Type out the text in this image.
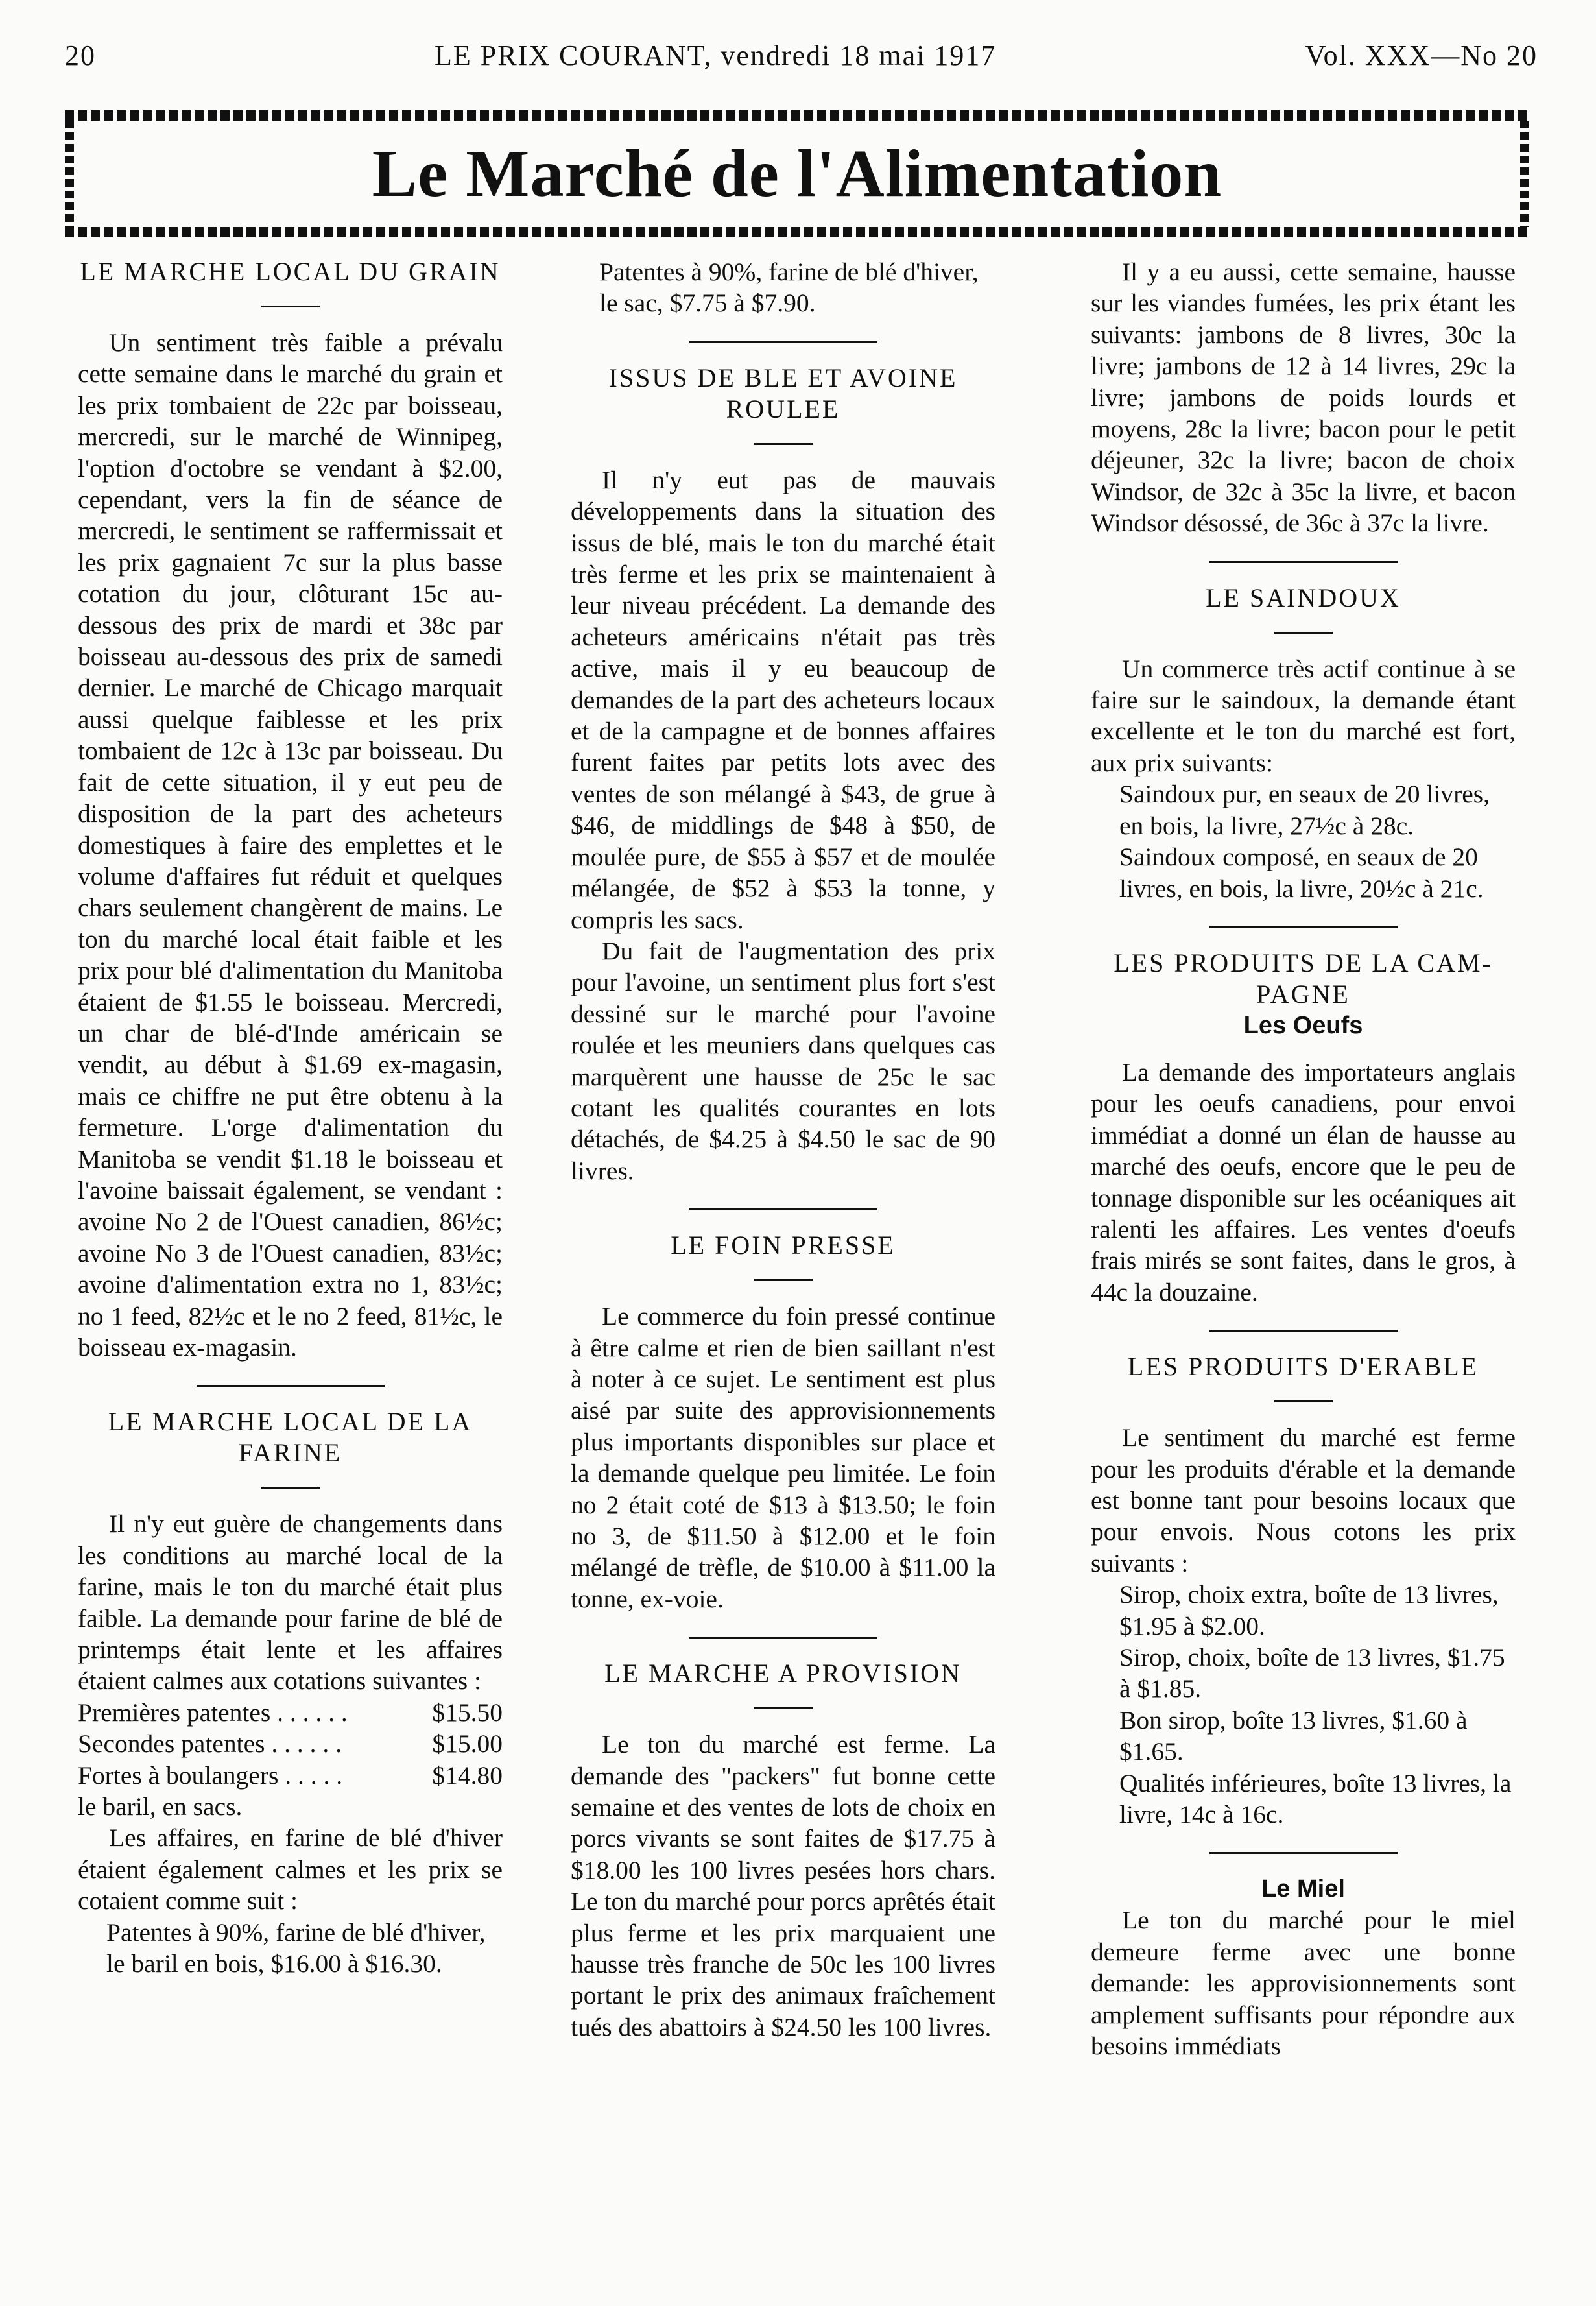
20	LE PRIX COURANT, vendredi 18 mai 1917	Vol. XXX—No 20
Le Marché de l'Alimentation
LE MARCHE LOCAL DU GRAIN

Un sentiment très faible a prévalu cette semaine dans le marché du grain et les prix tombaient de 22c par boisseau, mercredi, sur le marché de Winnipeg, l'option d'octobre se vendant à $2.00, cependant, vers la fin de séance de mercredi, le sentiment se raffermissait et les prix gagnaient 7c sur la plus basse cotation du jour, clôturant 15c au-dessous des prix de mardi et 38c par boisseau au-dessous des prix de samedi dernier. Le marché de Chicago marquait aussi quelque faiblesse et les prix tombaient de 12c à 13c par boisseau. Du fait de cette situation, il y eut peu de disposition de la part des acheteurs domestiques à faire des emplettes et le volume d'affaires fut réduit et quelques chars seulement changèrent de mains. Le ton du marché local était faible et les prix pour blé d'alimentation du Manitoba étaient de $1.55 le boisseau. Mercredi, un char de blé-d'Inde américain se vendit, au début à $1.69 ex-magasin, mais ce chiffre ne put être obtenu à la fermeture. L'orge d'alimentation du Manitoba se vendit $1.18 le boisseau et l'avoine baissait également, se vendant : avoine No 2 de l'Ouest canadien, 86½c; avoine No 3 de l'Ouest canadien, 83½c; avoine d'alimentation extra no 1, 83½c; no 1 feed, 82½c et le no 2 feed, 81½c, le boisseau ex-magasin.

LE MARCHE LOCAL DE LA
FARINE

Il n'y eut guère de changements dans les conditions au marché local de la farine, mais le ton du marché était plus faible. La demande pour farine de blé de printemps était lente et les affaires étaient calmes aux cotations suivantes :

Premières patentes . . . . . .	$15.50
Secondes patentes . . . . . .	$15.00
Fortes à boulangers . . . . .	$14.80

le baril, en sacs.

Les affaires, en farine de blé d'hiver étaient également calmes et les prix se cotaient comme suit :

Patentes à 90%, farine de blé d'hiver, le baril en bois, $16.00 à $16.30.

Patentes à 90%, farine de blé d'hiver, le sac, $7.75 à $7.90.

ISSUS DE BLE ET AVOINE
ROULEE

Il n'y eut pas de mauvais développements dans la situation des issus de blé, mais le ton du marché était très ferme et les prix se maintenaient à leur niveau précédent. La demande des acheteurs américains n'était pas très active, mais il y eu beaucoup de demandes de la part des acheteurs locaux et de la campagne et de bonnes affaires furent faites par petits lots avec des ventes de son mélangé à $43, de grue à $46, de middlings de $48 à $50, de moulée pure, de $55 à $57 et de moulée mélangée, de $52 à $53 la tonne, y compris les sacs.

Du fait de l'augmentation des prix pour l'avoine, un sentiment plus fort s'est dessiné sur le marché pour l'avoine roulée et les meuniers dans quelques cas marquèrent une hausse de 25c le sac cotant les qualités courantes en lots détachés, de $4.25 à $4.50 le sac de 90 livres.

LE FOIN PRESSE

Le commerce du foin pressé continue à être calme et rien de bien saillant n'est à noter à ce sujet. Le sentiment est plus aisé par suite des approvisionnements plus importants disponibles sur place et la demande quelque peu limitée. Le foin no 2 était coté de $13 à $13.50; le foin no 3, de $11.50 à $12.00 et le foin mélangé de trèfle, de $10.00 à $11.00 la tonne, ex-voie.

LE MARCHE A PROVISION

Le ton du marché est ferme. La demande des "packers" fut bonne cette semaine et des ventes de lots de choix en porcs vivants se sont faites de $17.75 à $18.00 les 100 livres pesées hors chars. Le ton du marché pour porcs aprêtés était plus ferme et les prix marquaient une hausse très franche de 50c les 100 livres portant le prix des animaux fraîchement tués des abattoirs à $24.50 les 100 livres.

Il y a eu aussi, cette semaine, hausse sur les viandes fumées, les prix étant les suivants: jambons de 8 livres, 30c la livre; jambons de 12 à 14 livres, 29c la livre; jambons de poids lourds et moyens, 28c la livre; bacon pour le petit déjeuner, 32c la livre; bacon de choix Windsor, de 32c à 35c la livre, et bacon Windsor désossé, de 36c à 37c la livre.

LE SAINDOUX

Un commerce très actif continue à se faire sur le saindoux, la demande étant excellente et le ton du marché est fort, aux prix suivants:

Saindoux pur, en seaux de 20 livres, en bois, la livre, 27½c à 28c.

Saindoux composé, en seaux de 20 livres, en bois, la livre, 20½c à 21c.

LES PRODUITS DE LA CAM-
PAGNE
Les Oeufs

La demande des importateurs anglais pour les oeufs canadiens, pour envoi immédiat a donné un élan de hausse au marché des oeufs, encore que le peu de tonnage disponible sur les océaniques ait ralenti les affaires. Les ventes d'oeufs frais mirés se sont faites, dans le gros, à 44c la douzaine.

LES PRODUITS D'ERABLE

Le sentiment du marché est ferme pour les produits d'érable et la demande est bonne tant pour besoins locaux que pour envois. Nous cotons les prix suivants :

Sirop, choix extra, boîte de 13 livres, $1.95 à $2.00.

Sirop, choix, boîte de 13 livres, $1.75 à $1.85.

Bon sirop, boîte 13 livres, $1.60 à $1.65.

Qualités inférieures, boîte 13 livres, la livre, 14c à 16c.

Le Miel

Le ton du marché pour le miel demeure ferme avec une bonne demande: les approvisionnements sont amplement suffisants pour répondre aux besoins immédiats
